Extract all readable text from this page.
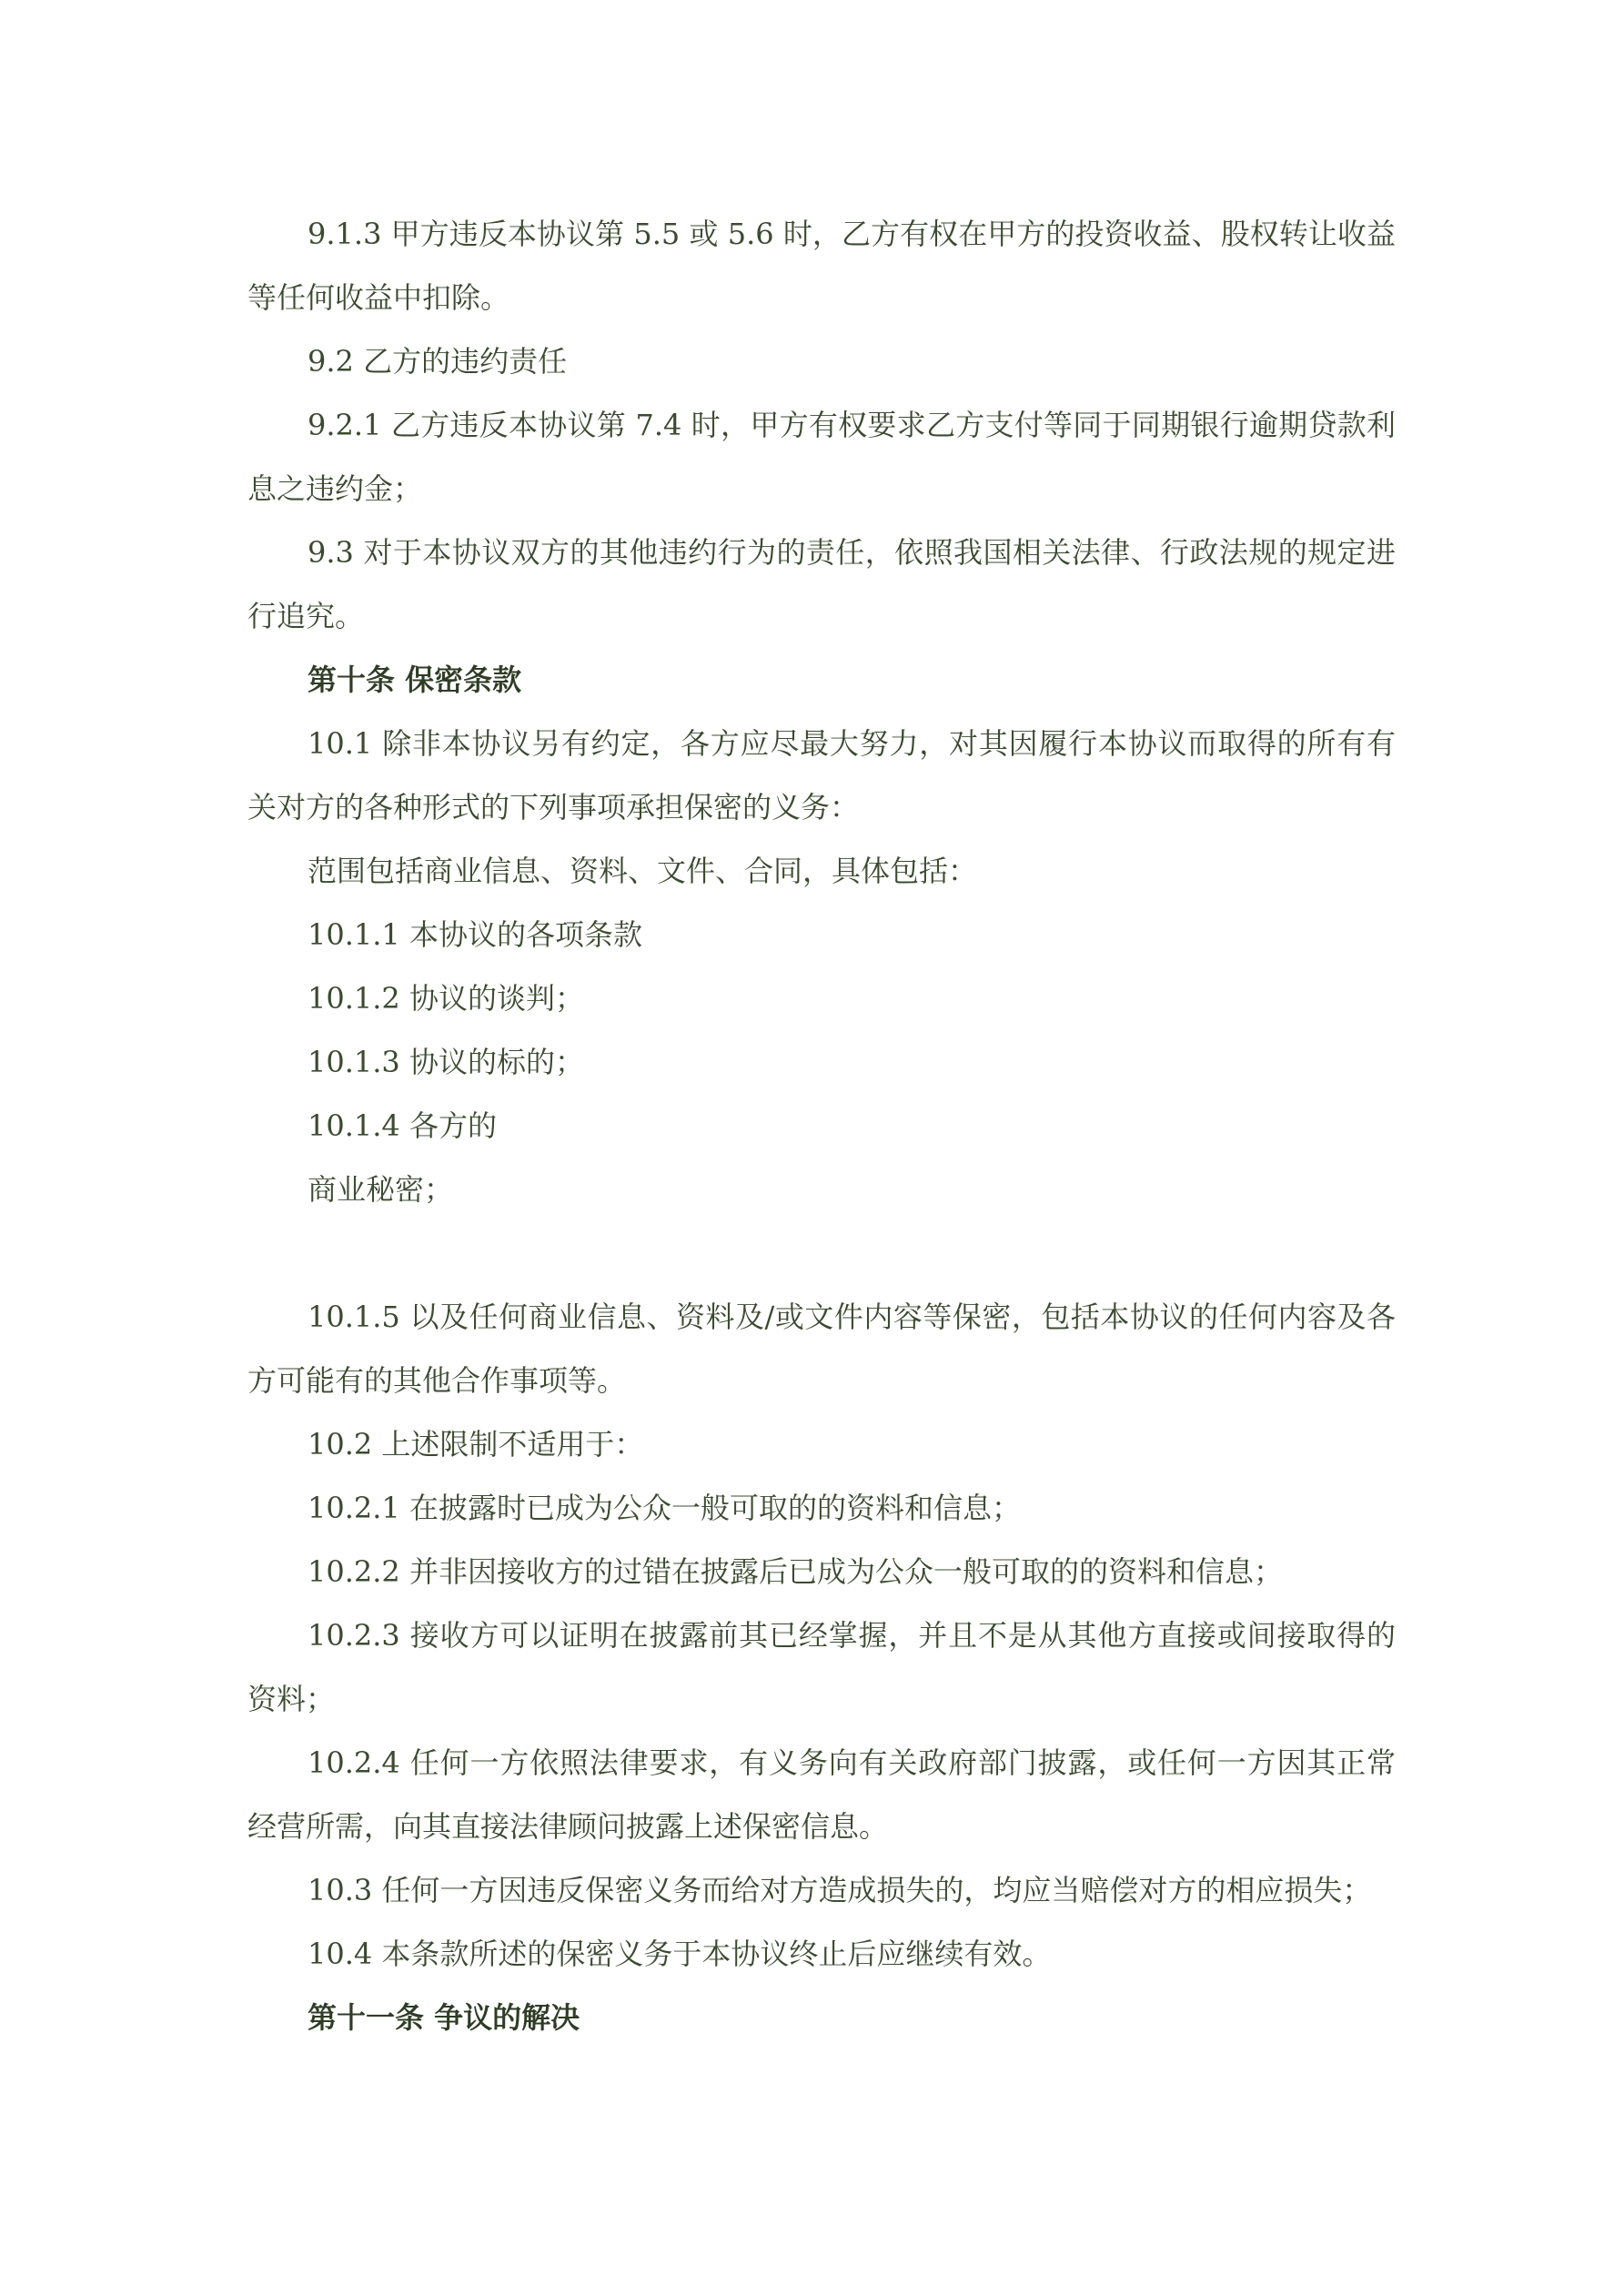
9.1.3 甲方违反本协议第 5.5 或 5.6 时，乙方有权在甲方的投资收益、股权转让收益等任何收益中扣除。

9.2 乙方的违约责任

9.2.1 乙方违反本协议第 7.4 时，甲方有权要求乙方支付等同于同期银行逾期贷款利息之违约金；

9.3 对于本协议双方的其他违约行为的责任，依照我国相关法律、行政法规的规定进行追究。

第十条 保密条款

10.1 除非本协议另有约定，各方应尽最大努力，对其因履行本协议而取得的所有有关对方的各种形式的下列事项承担保密的义务：

范围包括商业信息、资料、文件、合同，具体包括：

10.1.1 本协议的各项条款

10.1.2 协议的谈判；

10.1.3 协议的标的；

10.1.4 各方的

商业秘密；

10.1.5 以及任何商业信息、资料及/或文件内容等保密，包括本协议的任何内容及各方可能有的其他合作事项等。

10.2 上述限制不适用于：

10.2.1 在披露时已成为公众一般可取的的资料和信息；

10.2.2 并非因接收方的过错在披露后已成为公众一般可取的的资料和信息；

10.2.3 接收方可以证明在披露前其已经掌握，并且不是从其他方直接或间接取得的资料；

10.2.4 任何一方依照法律要求，有义务向有关政府部门披露，或任何一方因其正常经营所需，向其直接法律顾问披露上述保密信息。

10.3 任何一方因违反保密义务而给对方造成损失的，均应当赔偿对方的相应损失；

10.4 本条款所述的保密义务于本协议终止后应继续有效。

第十一条 争议的解决
